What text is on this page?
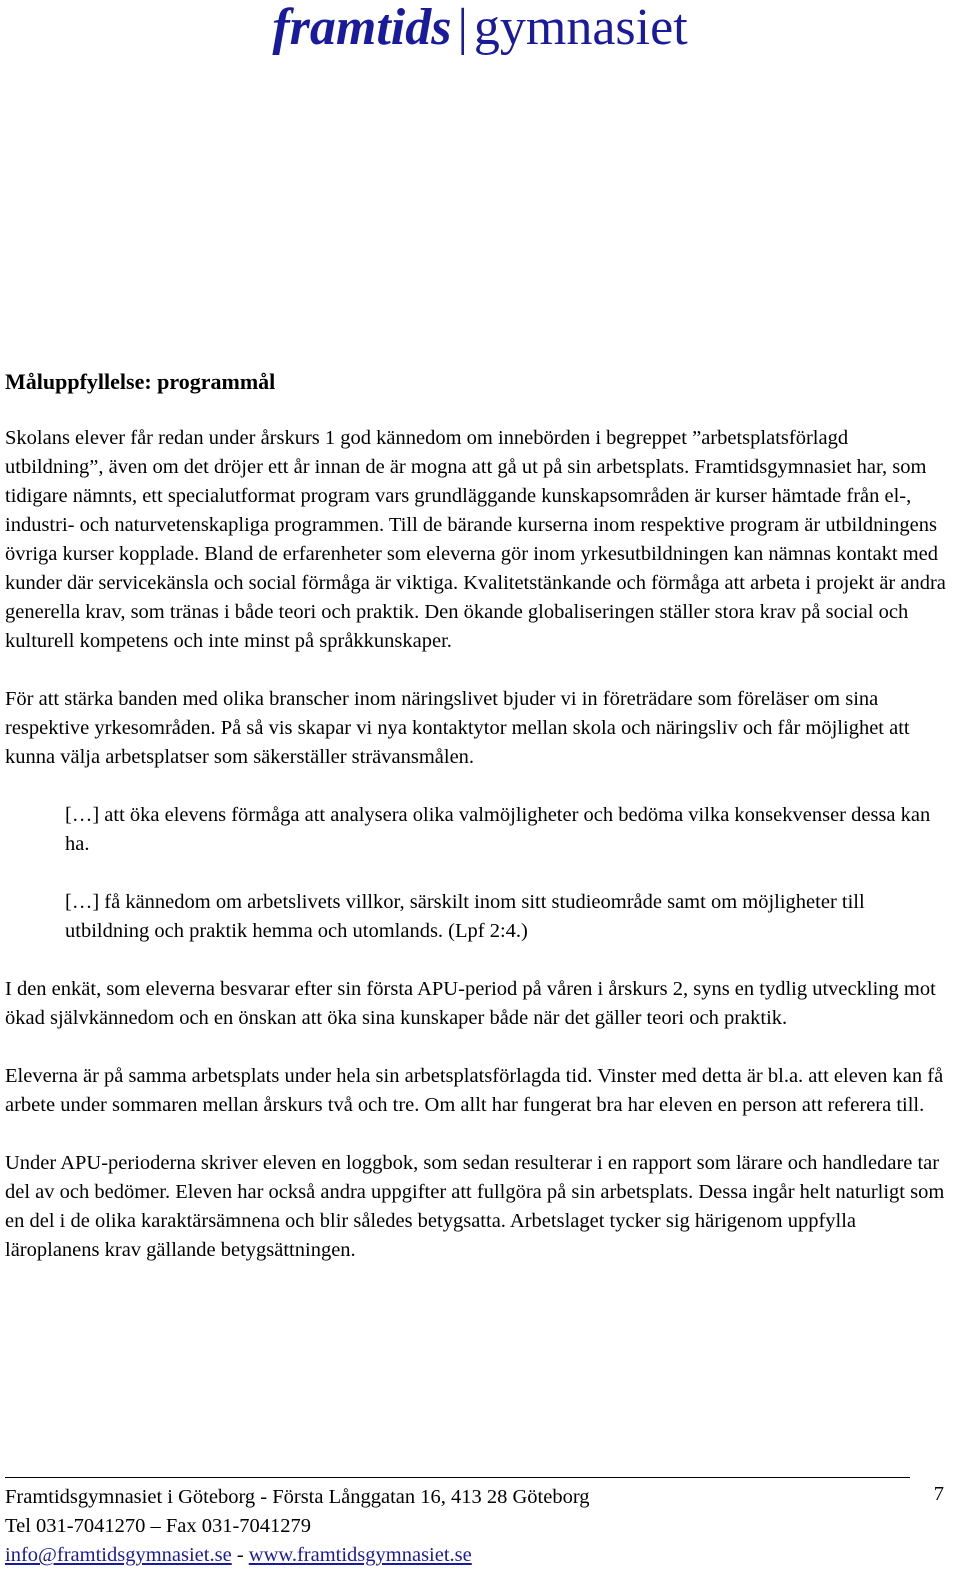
framtids | gymnasiet
Måluppfyllelse: programmål

Skolans elever får redan under årskurs 1 god kännedom om innebörden i begreppet ”arbetsplatsförlagd utbildning”, även om det dröjer ett år innan de är mogna att gå ut på sin arbetsplats. Framtidsgymnasiet har, som tidigare nämnts, ett specialutformat program vars grundläggande kunskapsområden är kurser hämtade från el-, industri- och naturvetenskapliga programmen. Till de bärande kurserna inom respektive program är utbildningens övriga kurser kopplade. Bland de erfarenheter som eleverna gör inom yrkesutbildningen kan nämnas kontakt med kunder där servicekänsla och social förmåga är viktiga. Kvalitetstänkande och förmåga att arbeta i projekt är andra generella krav, som tränas i både teori och praktik. Den ökande globaliseringen ställer stora krav på social och kulturell kompetens och inte minst på språkkunskaper.

För att stärka banden med olika branscher inom näringslivet bjuder vi in företrädare som föreläser om sina respektive yrkesområden. På så vis skapar vi nya kontaktytor mellan skola och näringsliv och får möjlighet att kunna välja arbetsplatser som säkerställer strävansmålen.

[…] att öka elevens förmåga att analysera olika valmöjligheter och bedöma vilka konsekvenser dessa kan ha.

[…] få kännedom om arbetslivets villkor, särskilt inom sitt studieområde samt om möjligheter till utbildning och praktik hemma och utomlands. (Lpf 2:4.)

I den enkät, som eleverna besvarar efter sin första APU-period på våren i årskurs 2, syns en tydlig utveckling mot ökad självkännedom och en önskan att öka sina kunskaper både när det gäller teori och praktik.

Eleverna är på samma arbetsplats under hela sin arbetsplatsförlagda tid. Vinster med detta är bl.a. att eleven kan få arbete under sommaren mellan årskurs två och tre. Om allt har fungerat bra har eleven en person att referera till.

Under APU-perioderna skriver eleven en loggbok, som sedan resulterar i en rapport som lärare och handledare tar del av och bedömer. Eleven har också andra uppgifter att fullgöra på sin arbetsplats. Dessa ingår helt naturligt som en del i de olika karaktärsämnena och blir således betygsatta. Arbetslaget tycker sig härigenom uppfylla läroplanens krav gällande betygsättningen.

Framtidsgymnasiet i Göteborg - Första Långgatan 16, 413 28 Göteborg
Tel 031-7041270 – Fax 031-7041279
info@framtidsgymnasiet.se - www.framtidsgymnasiet.se
7
